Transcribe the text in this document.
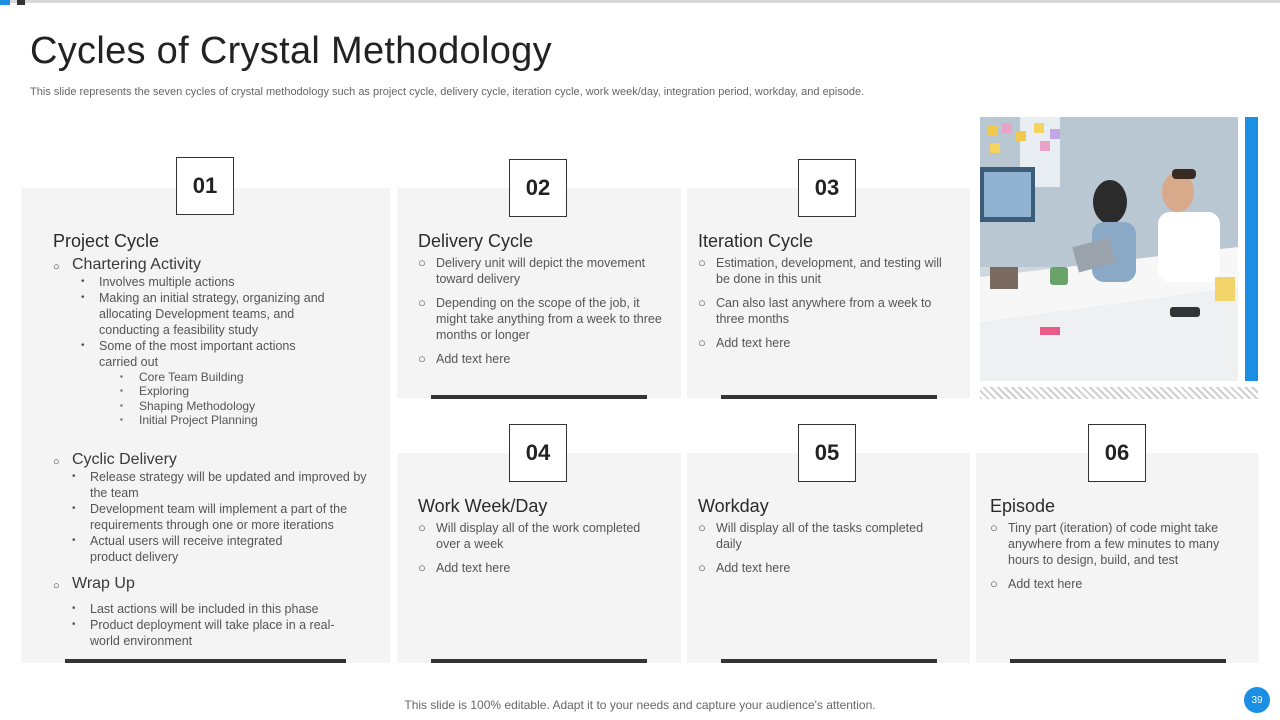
Cycles of Crystal Methodology
This slide represents the seven cycles of crystal methodology such as project cycle, delivery cycle, iteration cycle, work week/day, integration period, workday, and episode.
01
Project Cycle
○ Chartering Activity
•	Involves multiple actions
•	Making an initial strategy, organizing and allocating Development teams, and conducting a feasibility study
•	Some of the most important actions carried out
▪	Core Team Building
▪	Exploring
▪	Shaping Methodology
▪	Initial Project Planning
○ Cyclic Delivery
•	Release strategy will be updated and improved by the team
•	Development team will implement a part of the requirements through one or more iterations
•	Actual users will receive integrated product delivery
○ Wrap Up
•	Last actions will be included in this phase
•	Product deployment will take place in a real-world environment
02
Delivery Cycle
○ Delivery unit will depict the movement toward delivery
○ Depending on the scope of the job, it might take anything from a week to three months or longer
○ Add text here
03
Iteration Cycle
○ Estimation, development, and testing will be done in this unit
○ Can also last anywhere from a week to three months
○ Add text here
04
Work Week/Day
○ Will display all of the work completed over a week
○ Add text here
05
Workday
○ Will display all of the tasks completed daily
○ Add text here
06
Episode
○ Tiny part (iteration) of code might take anywhere from a few minutes to many hours to design, build, and test
○ Add text here
This slide is 100% editable. Adapt it to your needs and capture your audience's attention.	39
